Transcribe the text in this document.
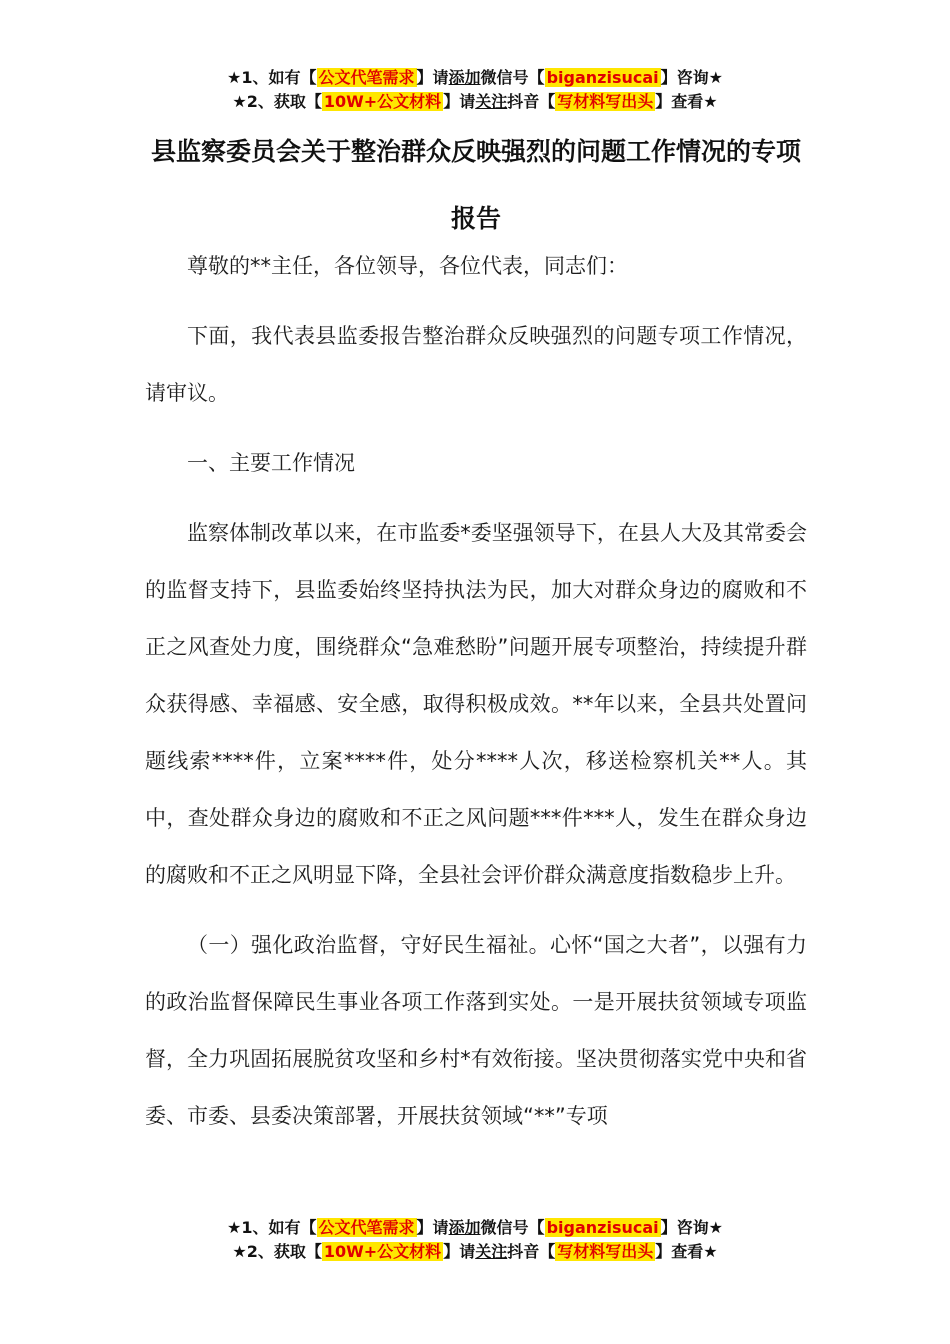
★1、如有【 公文代笔需求 】请添加微信号【 biganzisucai 】咨询★
★2、获取【 10W+公文材料 】请关注抖音【 写材料写出头 】查看★
县监察委员会关于整治群众反映强烈的问题工作情况的专项报告

尊敬的**主任，各位领导，各位代表，同志们：

下面，我代表县监委报告整治群众反映强烈的问题专项工作情况，请审议。

一、主要工作情况

监察体制改革以来，在市监委*委坚强领导下，在县人大及其常委会的监督支持下，县监委始终坚持执法为民，加大对群众身边的腐败和不正之风查处力度，围绕群众“急难愁盼”问题开展专项整治，持续提升群众获得感、幸福感、安全感，取得积极成效。**年以来，全县共处置问题线索****件，立案****件，处分****人次，移送检察机关**人。其中，查处群众身边的腐败和不正之风问题***件***人，发生在群众身边的腐败和不正之风明显下降，全县社会评价群众满意度指数稳步上升。

（一）强化政治监督，守好民生福祉。心怀“国之大者”，以强有力的政治监督保障民生事业各项工作落到实处。一是开展扶贫领域专项监督，全力巩固拓展脱贫攻坚和乡村*有效衔接。坚决贯彻落实党中央和省委、市委、县委决策部署，开展扶贫领域“**”专项

★1、如有【 公文代笔需求 】请添加微信号【 biganzisucai 】咨询★
★2、获取【 10W+公文材料 】请关注抖音【 写材料写出头 】查看★
